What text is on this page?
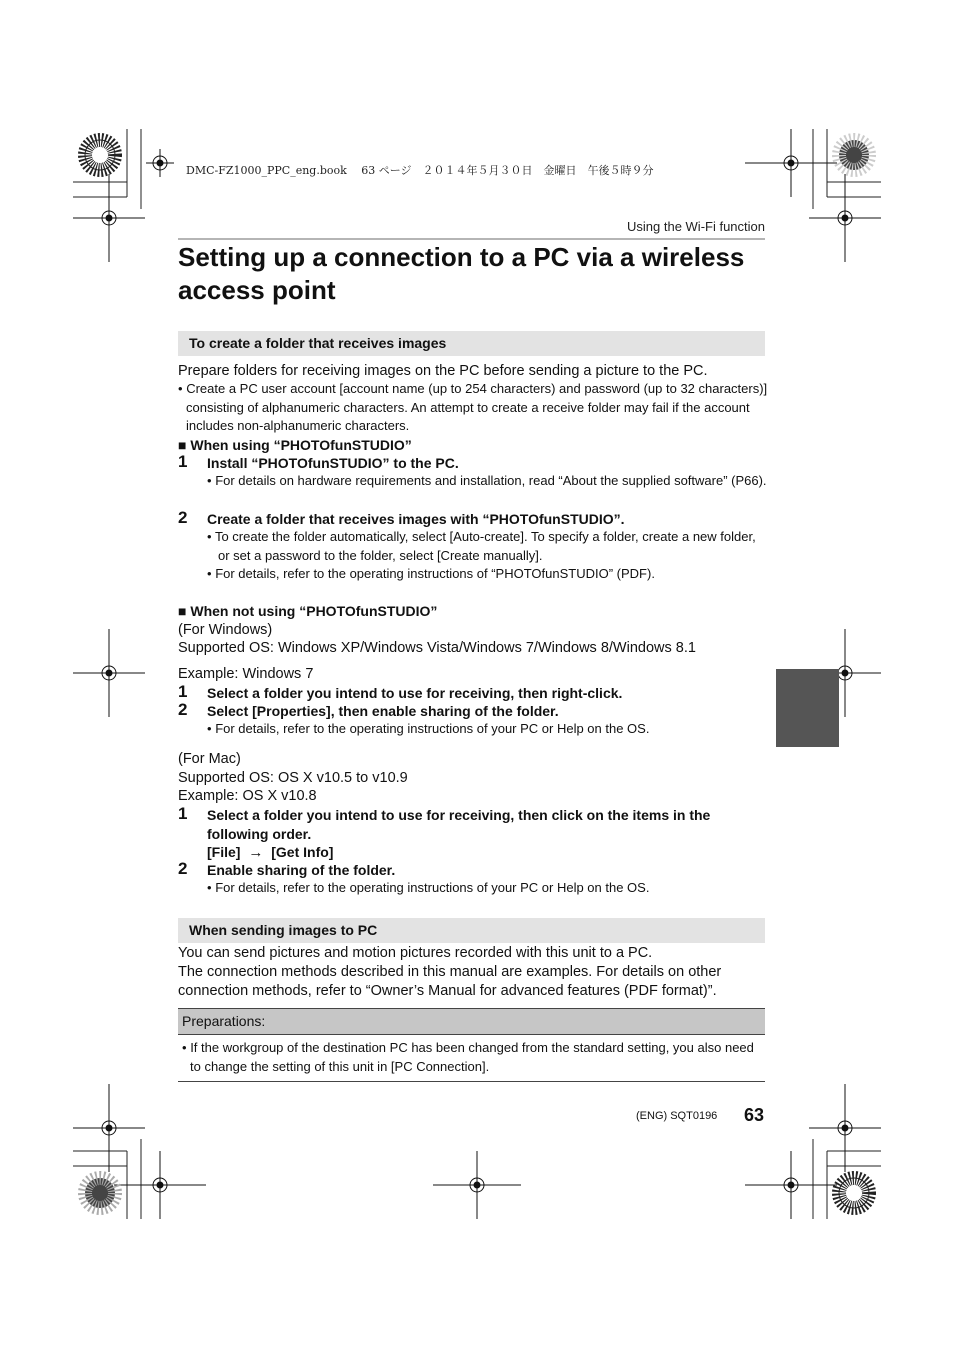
DMC-FZ1000_PPC_eng.book　 63 ページ　２０１４年５月３０日　金曜日　午後５時９分
Using the Wi-Fi function
Setting up a connection to a PC via a wireless
access point
To create a folder that receives images
Prepare folders for receiving images on the PC before sending a picture to the PC.
• Create a PC user account [account name (up to 254 characters) and password (up to 32 characters)] consisting of alphanumeric characters. An attempt to create a receive folder may fail if the account includes non-alphanumeric characters.
■ When using “PHOTOfunSTUDIO”
1 Install “PHOTOfunSTUDIO” to the PC.
• For details on hardware requirements and installation, read “About the supplied software” (P66).
2 Create a folder that receives images with “PHOTOfunSTUDIO”.
• To create the folder automatically, select [Auto-create]. To specify a folder, create a new folder, or set a password to the folder, select [Create manually].
• For details, refer to the operating instructions of “PHOTOfunSTUDIO” (PDF).
■ When not using “PHOTOfunSTUDIO”
(For Windows)
Supported OS: Windows XP/Windows Vista/Windows 7/Windows 8/Windows 8.1
Example: Windows 7
1 Select a folder you intend to use for receiving, then right-click.
2 Select [Properties], then enable sharing of the folder.
• For details, refer to the operating instructions of your PC or Help on the OS.
(For Mac)
Supported OS: OS X v10.5 to v10.9
Example: OS X v10.8
1 Select a folder you intend to use for receiving, then click on the items in the following order.
[File] → [Get Info]
2 Enable sharing of the folder.
• For details, refer to the operating instructions of your PC or Help on the OS.
When sending images to PC
You can send pictures and motion pictures recorded with this unit to a PC.
The connection methods described in this manual are examples. For details on other connection methods, refer to “Owner’s Manual for advanced features (PDF format)”.
Preparations:
• If the workgroup of the destination PC has been changed from the standard setting, you also need to change the setting of this unit in [PC Connection].
(ENG) SQT0196 63
